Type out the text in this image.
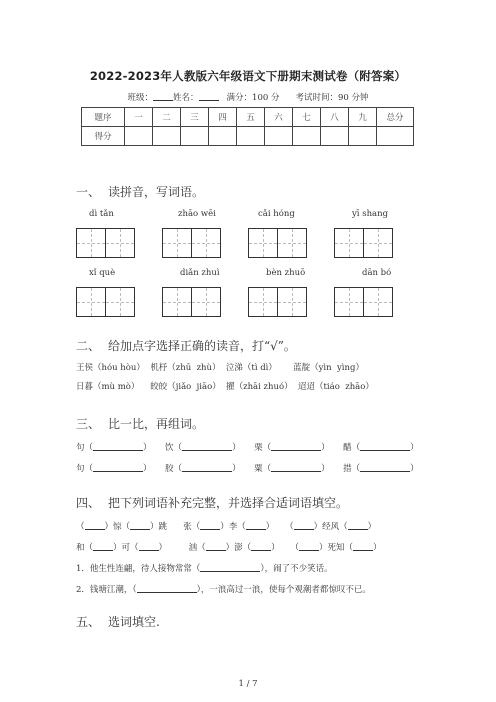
2022-2023年人教版六年级语文下册期末测试卷（附答案）
班级： 姓名：	满分：100 分 考试时间：90 分钟
题序	一	二	三	四	五	六	七	八	九	总分
得分										
一、 读拼音，写词语。
dì tǎn	zhāo wēi	cǎi hóng	yī shang
xǐ què	diǎn zhuì	bèn zhuō	dān bó
二、 给加点字选择正确的读音，打“√”。
王侯（hóu hòu）  机杼（zhū  zhù）  泣涕（tì dì）      蓝靛（yìn  yìng）
日暮（mù mò）    皎皎（jiǎo  jiāo）  擢（zhāi zhuó）  迢迢（tiáo  zhāo）
三、 比一比，再组词。
句（	） 饮（	） 栗（	） 醋（	）
句（	） 胶（	） 粟（	） 措（	）
四、 把下列词语补充完整，并选择合适词语填空。
（ ）惊（ ）跳      张（ ）李（ ）    （ ）经风（ ）
和（ ）可（ ）        汹（ ）澎（ ）    （ ）死知（ ）
1．他生性连翩，待人接物常常（	），闹了不少笑话。
2．钱塘江潮，（	），一浪高过一浪，使每个观潮者都惊叹不已。
五、 选词填空.
1 / 7
